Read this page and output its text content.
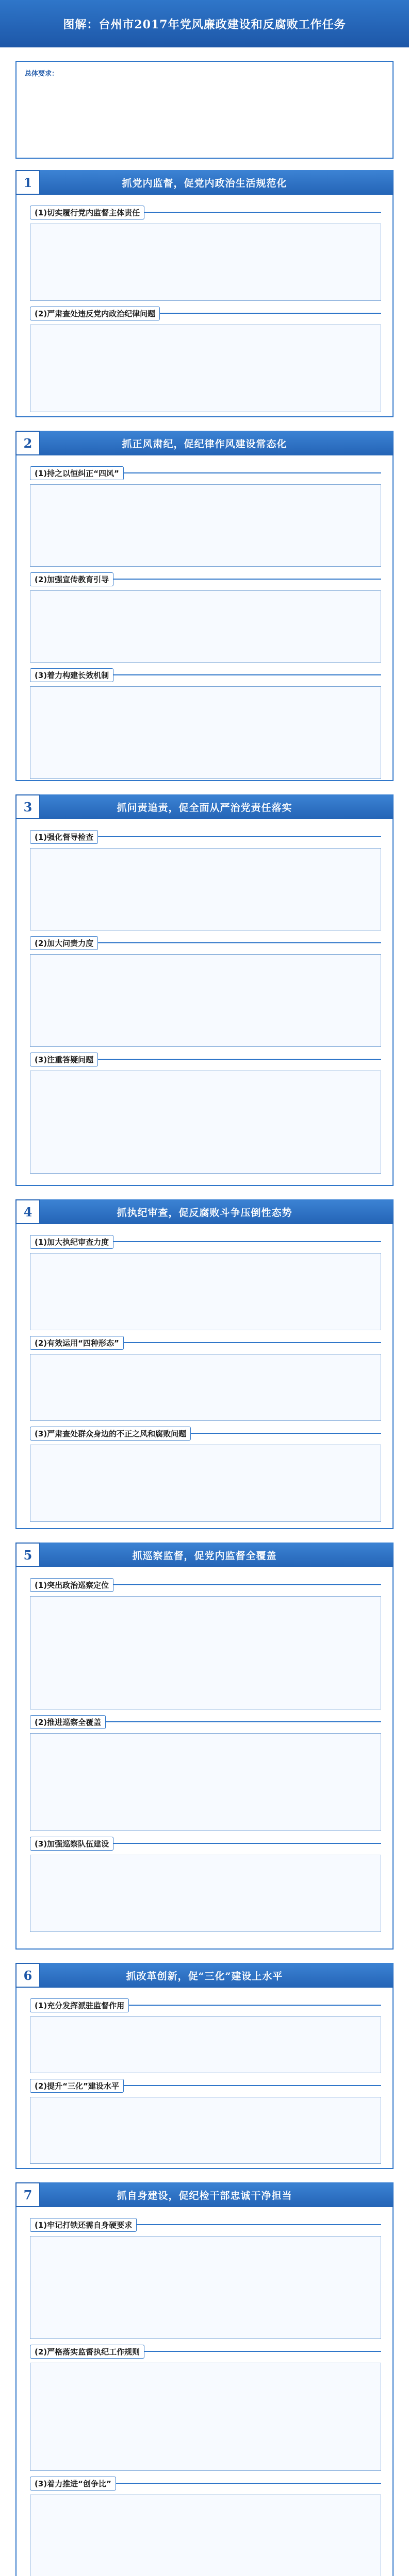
图解：台州市2017年党风廉政建设和反腐败工作任务
总体要求：
1	抓党内监督，促党内政治生活规范化
(1)切实履行党内监督主体责任
(2)严肃查处违反党内政治纪律问题
2	抓正风肃纪，促纪律作风建设常态化
(1)持之以恒纠正“四风”
(2)加强宣传教育引导
(3)着力构建长效机制
3	抓问责追责，促全面从严治党责任落实
(1)强化督导检查
(2)加大问责力度
(3)注重答疑问题
4	抓执纪审查，促反腐败斗争压倒性态势
(1)加大执纪审查力度
(2)有效运用“四种形态”
(3)严肃查处群众身边的不正之风和腐败问题
5	抓巡察监督，促党内监督全覆盖
(1)突出政治巡察定位
(2)推进巡察全覆盖
(3)加强巡察队伍建设
6	抓改革创新，促“三化”建设上水平
(1)充分发挥派驻监督作用
(2)提升“三化”建设水平
7	抓自身建设，促纪检干部忠诚干净担当
(1)牢记打铁还需自身硬要求
(2)严格落实监督执纪工作规则
(3)着力推进“创争比”
